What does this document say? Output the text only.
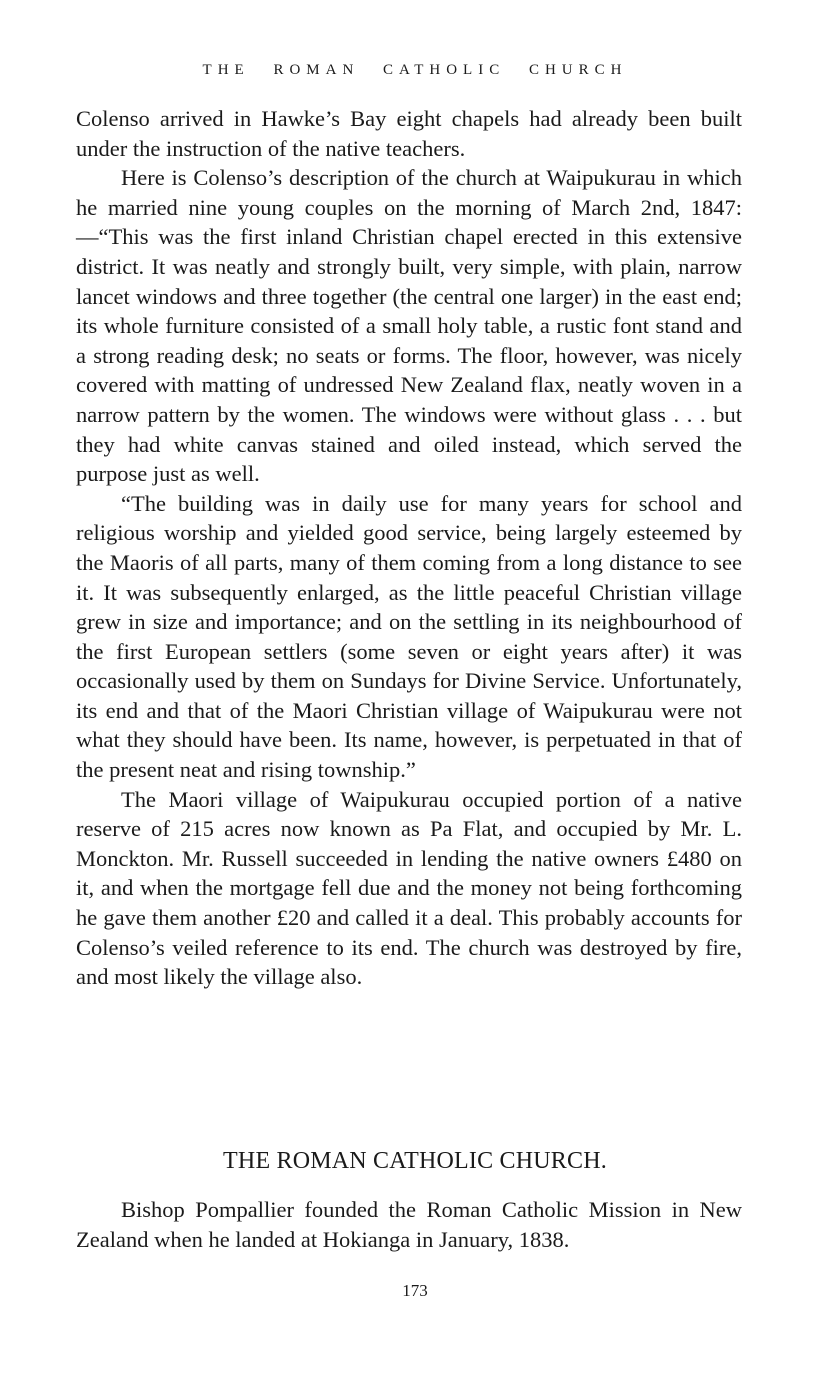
THE ROMAN CATHOLIC CHURCH

Colenso arrived in Hawke’s Bay eight chapels had already been built under the instruction of the native teachers.

Here is Colenso’s description of the church at Waipukurau in which he married nine young couples on the morning of March 2nd, 1847:—“This was the first inland Christian chapel erected in this extensive district. It was neatly and strongly built, very simple, with plain, narrow lancet windows and three together (the central one larger) in the east end; its whole furniture consisted of a small holy table, a rustic font stand and a strong reading desk; no seats or forms. The floor, however, was nicely covered with matting of undressed New Zealand flax, neatly woven in a narrow pattern by the women. The windows were without glass . . . but they had white canvas stained and oiled instead, which served the purpose just as well.

“The building was in daily use for many years for school and religious worship and yielded good service, being largely esteemed by the Maoris of all parts, many of them coming from a long distance to see it. It was subsequently enlarged, as the little peaceful Christian village grew in size and importance; and on the settling in its neighbourhood of the first European settlers (some seven or eight years after) it was occasionally used by them on Sundays for Divine Service. Unfortunately, its end and that of the Maori Christian village of Waipukurau were not what they should have been. Its name, however, is perpetuated in that of the present neat and rising township.”

The Maori village of Waipukurau occupied portion of a native reserve of 215 acres now known as Pa Flat, and occupied by Mr. L. Monckton. Mr. Russell succeeded in lending the native owners £480 on it, and when the mortgage fell due and the money not being forthcoming he gave them another £20 and called it a deal. This probably accounts for Colenso’s veiled reference to its end. The church was destroyed by fire, and most likely the village also.

THE ROMAN CATHOLIC CHURCH.

Bishop Pompallier founded the Roman Catholic Mission in New Zealand when he landed at Hokianga in January, 1838.

173
